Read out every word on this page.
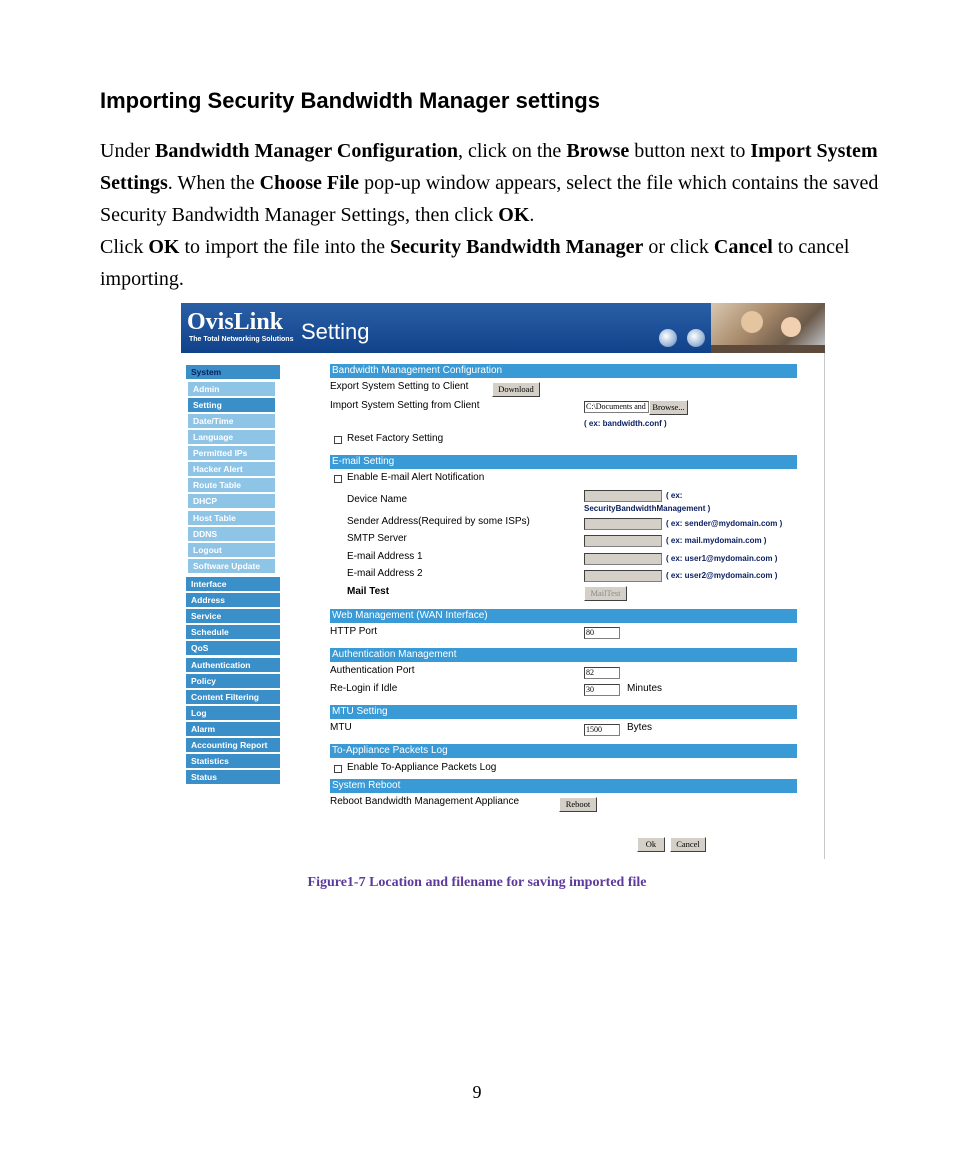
Importing Security Bandwidth Manager settings

Under Bandwidth Manager Configuration, click on the Browse button next to Import System Settings. When the Choose File pop-up window appears, select the file which contains the saved Security Bandwidth Manager Settings, then click OK.

Click OK to import the file into the Security Bandwidth Manager or click Cancel to cancel importing.

OvisLink
The Total Networking Solutions Setting
System
Admin
Setting
Date/Time
Language
Permitted IPs
Hacker Alert
Route Table
DHCP
Host Table
DDNS
Logout
Software Update
Interface
Address
Service
Schedule
QoS
Authentication
Policy
Content Filtering
Log
Alarm
Accounting Report
Statistics
Status
Bandwidth Management Configuration
Export System Setting to Client	Download
Import System Setting from Client	C:\Documents and Browse...
( ex: bandwidth.conf )
Reset Factory Setting
E-mail Setting
Enable E-mail Alert Notification
Device Name	( ex:
SecurityBandwidthManagement )
Sender Address(Required by some ISPs)	( ex: sender@mydomain.com )
SMTP Server	( ex: mail.mydomain.com )
E-mail Address 1	( ex: user1@mydomain.com )
E-mail Address 2	( ex: user2@mydomain.com )
Mail Test	MailTest
Web Management (WAN Interface)
HTTP Port	80
Authentication Management
Authentication Port	82
Re-Login if Idle	30	Minutes
MTU Setting
MTU	1500	Bytes
To-Appliance Packets Log
Enable To-Appliance Packets Log
System Reboot
Reboot Bandwidth Management Appliance	Reboot
Ok	Cancel
Figure1-7 Location and filename for saving imported file
9
